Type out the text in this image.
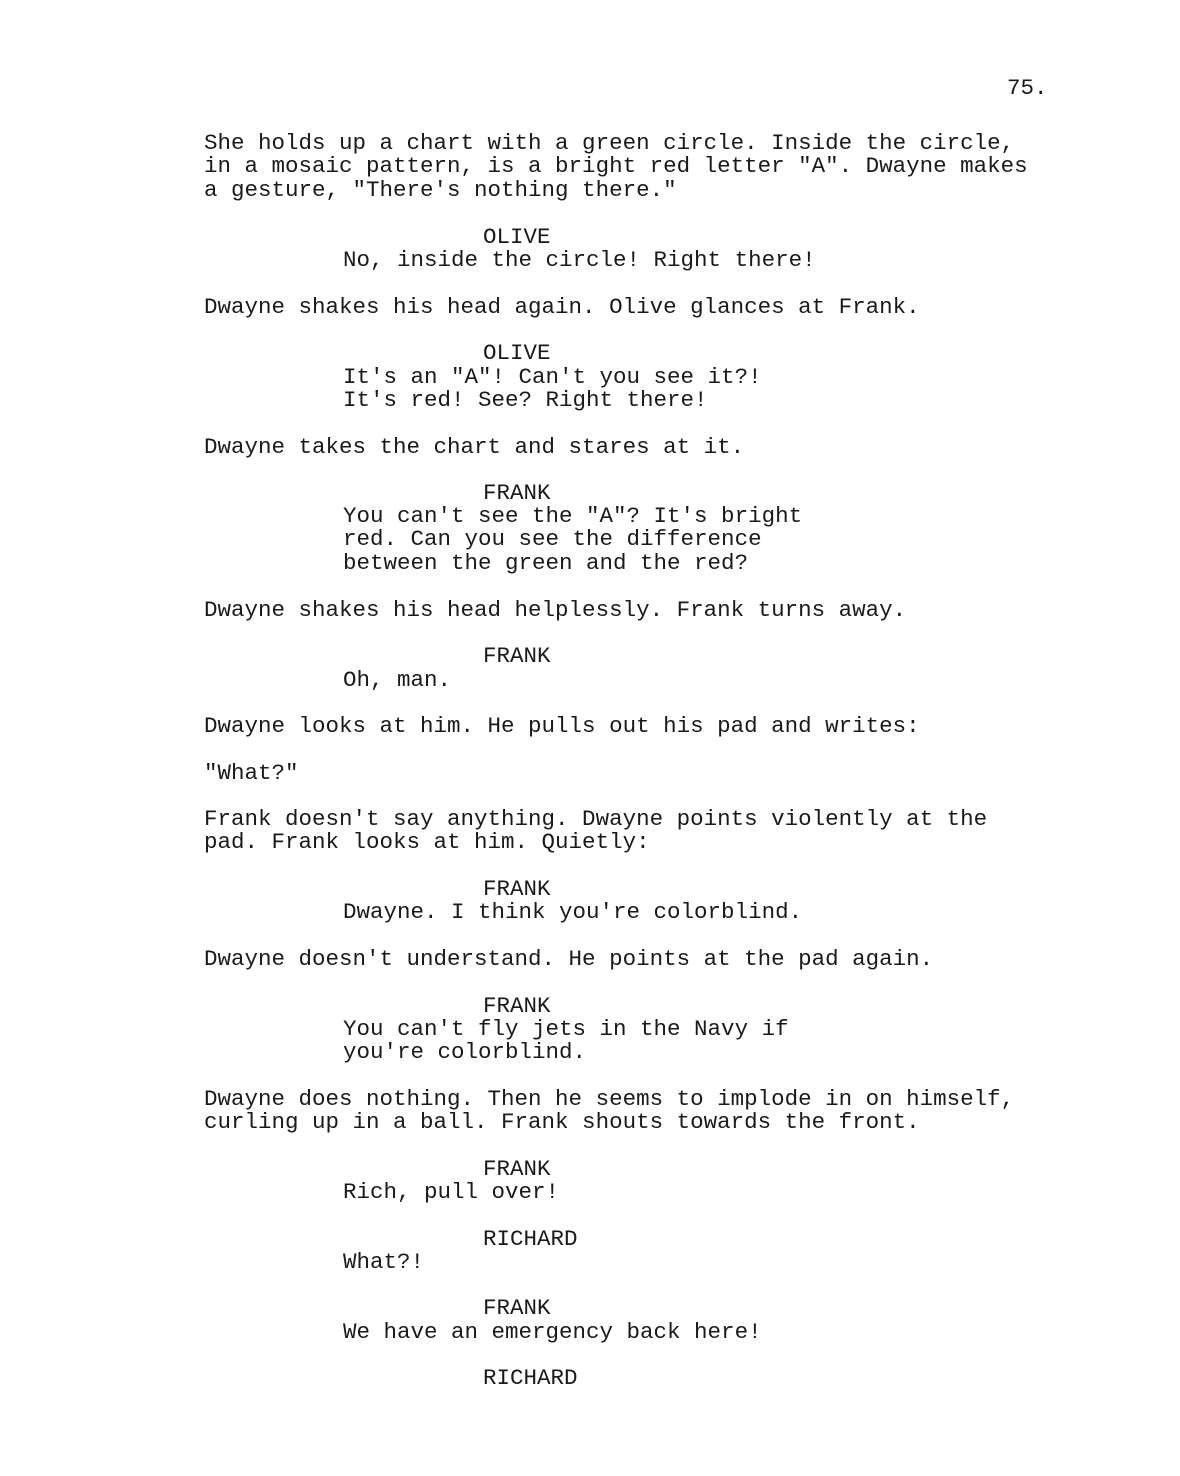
75.
She holds up a chart with a green circle. Inside the circle,
in a mosaic pattern, is a bright red letter "A". Dwayne makes
a gesture, "There's nothing there."
OLIVE
No, inside the circle! Right there!
Dwayne shakes his head again. Olive glances at Frank.
OLIVE
It's an "A"! Can't you see it?!
It's red! See? Right there!
Dwayne takes the chart and stares at it.
FRANK
You can't see the "A"? It's bright
red. Can you see the difference
between the green and the red?
Dwayne shakes his head helplessly. Frank turns away.
FRANK
Oh, man.
Dwayne looks at him. He pulls out his pad and writes:
"What?"
Frank doesn't say anything. Dwayne points violently at the
pad. Frank looks at him. Quietly:
FRANK
Dwayne. I think you're colorblind.
Dwayne doesn't understand. He points at the pad again.
FRANK
You can't fly jets in the Navy if
you're colorblind.
Dwayne does nothing. Then he seems to implode in on himself,
curling up in a ball. Frank shouts towards the front.
FRANK
Rich, pull over!
RICHARD
What?!
FRANK
We have an emergency back here!
RICHARD
